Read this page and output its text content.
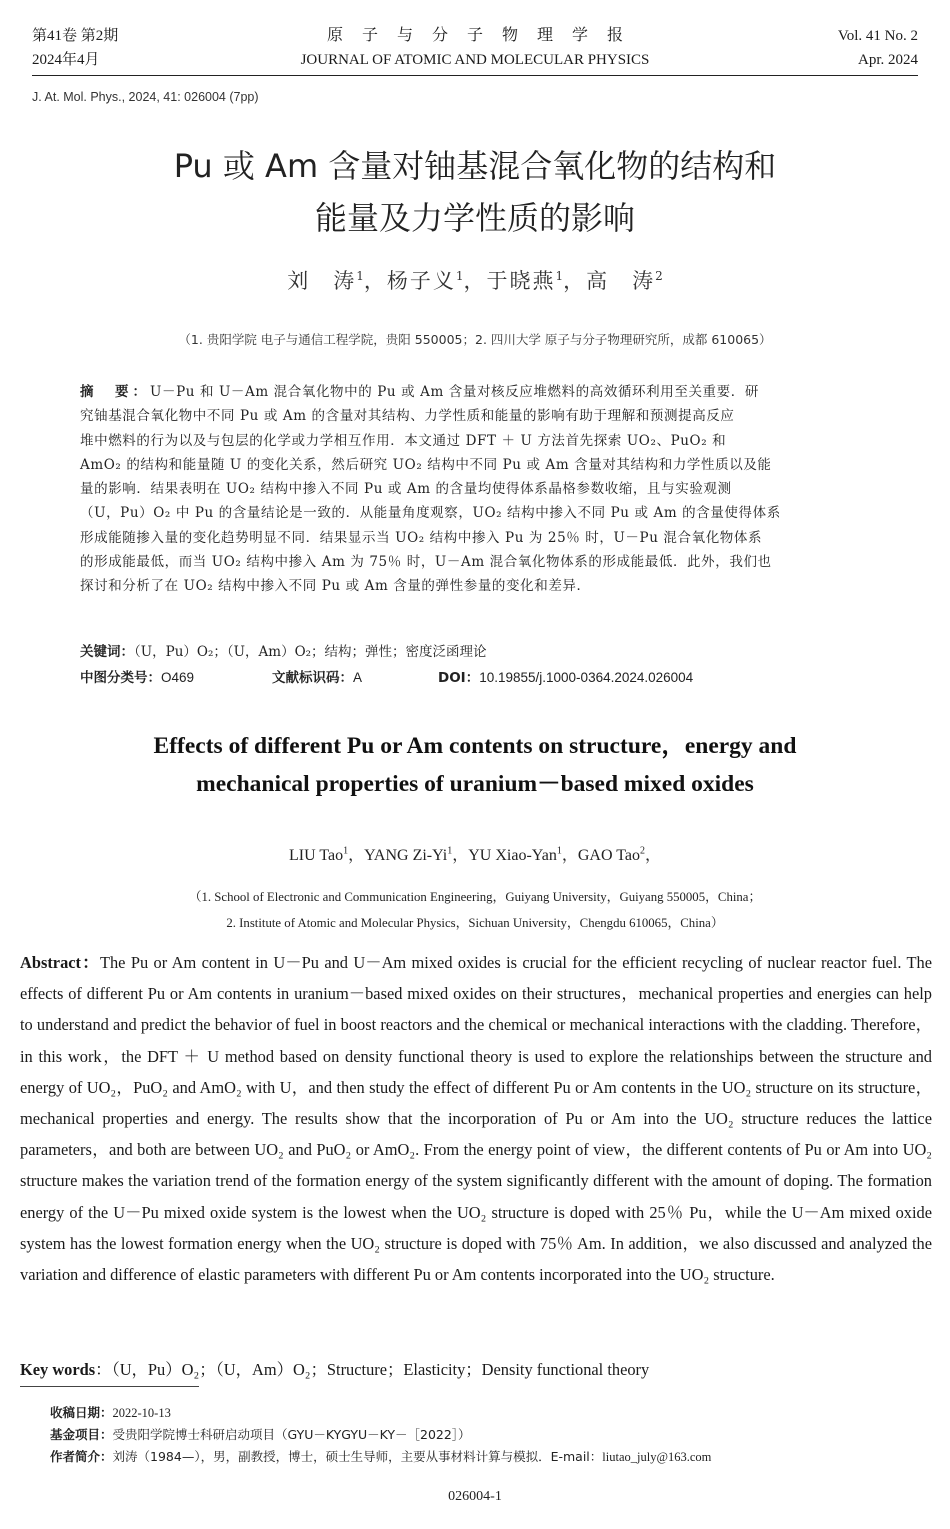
第41卷 第2期
2024年4月
原子与分子物理学报
JOURNAL OF ATOMIC AND MOLECULAR PHYSICS
Vol. 41 No. 2
Apr. 2024
J. At. Mol. Phys., 2024, 41: 026004 (7pp)
Pu 或 Am 含量对铀基混合氧化物的结构和
能量及力学性质的影响
刘　涛$^1$，杨子义$^1$，于晓燕$^1$，高　涛$^2$
（1. 贵阳学院 电子与通信工程学院，贵阳 550005；2. 四川大学 原子与分子物理研究所，成都 610065）
摘　要：U－Pu 和 U－Am 混合氧化物中的 Pu 或 Am 含量对核反应堆燃料的高效循环利用至关重要．研
究铀基混合氧化物中不同 Pu 或 Am 的含量对其结构、力学性质和能量的影响有助于理解和预测提高反应
堆中燃料的行为以及与包层的化学或力学相互作用．本文通过 DFT ＋ U 方法首先探索 UO₂、PuO₂ 和
AmO₂ 的结构和能量随 U 的变化关系，然后研究 UO₂ 结构中不同 Pu 或 Am 含量对其结构和力学性质以及能
量的影响．结果表明在 UO₂ 结构中掺入不同 Pu 或 Am 的含量均使得体系晶格参数收缩，且与实验观测
（U，Pu）O₂ 中 Pu 的含量结论是一致的．从能量角度观察，UO₂ 结构中掺入不同 Pu 或 Am 的含量使得体系
形成能随掺入量的变化趋势明显不同．结果显示当 UO₂ 结构中掺入 Pu 为 25％ 时，U－Pu 混合氧化物体系
的形成能最低，而当 UO₂ 结构中掺入 Am 为 75％ 时，U－Am 混合氧化物体系的形成能最低．此外，我们也
探讨和分析了在 UO₂ 结构中掺入不同 Pu 或 Am 含量的弹性参量的变化和差异．
关键词：（U，Pu）O₂；（U，Am）O₂；结构；弹性；密度泛函理论
中图分类号：O469	文献标识码：A	DOI：10.19855/j.1000-0364.2024.026004
Effects of different Pu or Am contents on structure，energy and
mechanical properties of uranium－based mixed oxides
LIU Tao$^1$，YANG Zi-Yi$^1$，YU Xiao-Yan$^1$，GAO Tao$^2$，
（1. School of Electronic and Communication Engineering，Guiyang University，Guiyang 550005，China；
2. Institute of Atomic and Molecular Physics，Sichuan University，Chengdu 610065，China）
Abstract：The Pu or Am content in U－Pu and U－Am mixed oxides is crucial for the efficient recycling of nuclear reactor fuel. The effects of different Pu or Am contents in uranium－based mixed oxides on their structures，mechanical properties and energies can help to understand and predict the behavior of fuel in boost reactors and the chemical or mechanical interactions with the cladding. Therefore，in this work，the DFT ＋ U method based on density functional theory is used to explore the relationships between the structure and energy of UO₂，PuO₂ and AmO₂ with U，and then study the effect of different Pu or Am contents in the UO₂ structure on its structure，mechanical properties and energy. The results show that the incorporation of Pu or Am into the UO₂ structure reduces the lattice parameters，and both are between UO₂ and PuO₂ or AmO₂. From the energy point of view，the different contents of Pu or Am into UO₂ structure makes the variation trend of the formation energy of the system significantly different with the amount of doping. The formation energy of the U－Pu mixed oxide system is the lowest when the UO₂ structure is doped with 25％ Pu，while the U－Am mixed oxide system has the lowest formation energy when the UO₂ structure is doped with 75％ Am. In addition，we also discussed and analyzed the variation and difference of elastic parameters with different Pu or Am contents incorporated into the UO₂ structure.
Key words：（U，Pu）O₂；（U，Am）O₂；Structure；Elasticity；Density functional theory
收稿日期：2022-10-13
基金项目：受贵阳学院博士科研启动项目（GYU－KYGYU－KY－［2022］）
作者简介：刘涛（1984—），男，副教授，博士，硕士生导师，主要从事材料计算与模拟．E-mail：liutao_july@163.com
026004-1
